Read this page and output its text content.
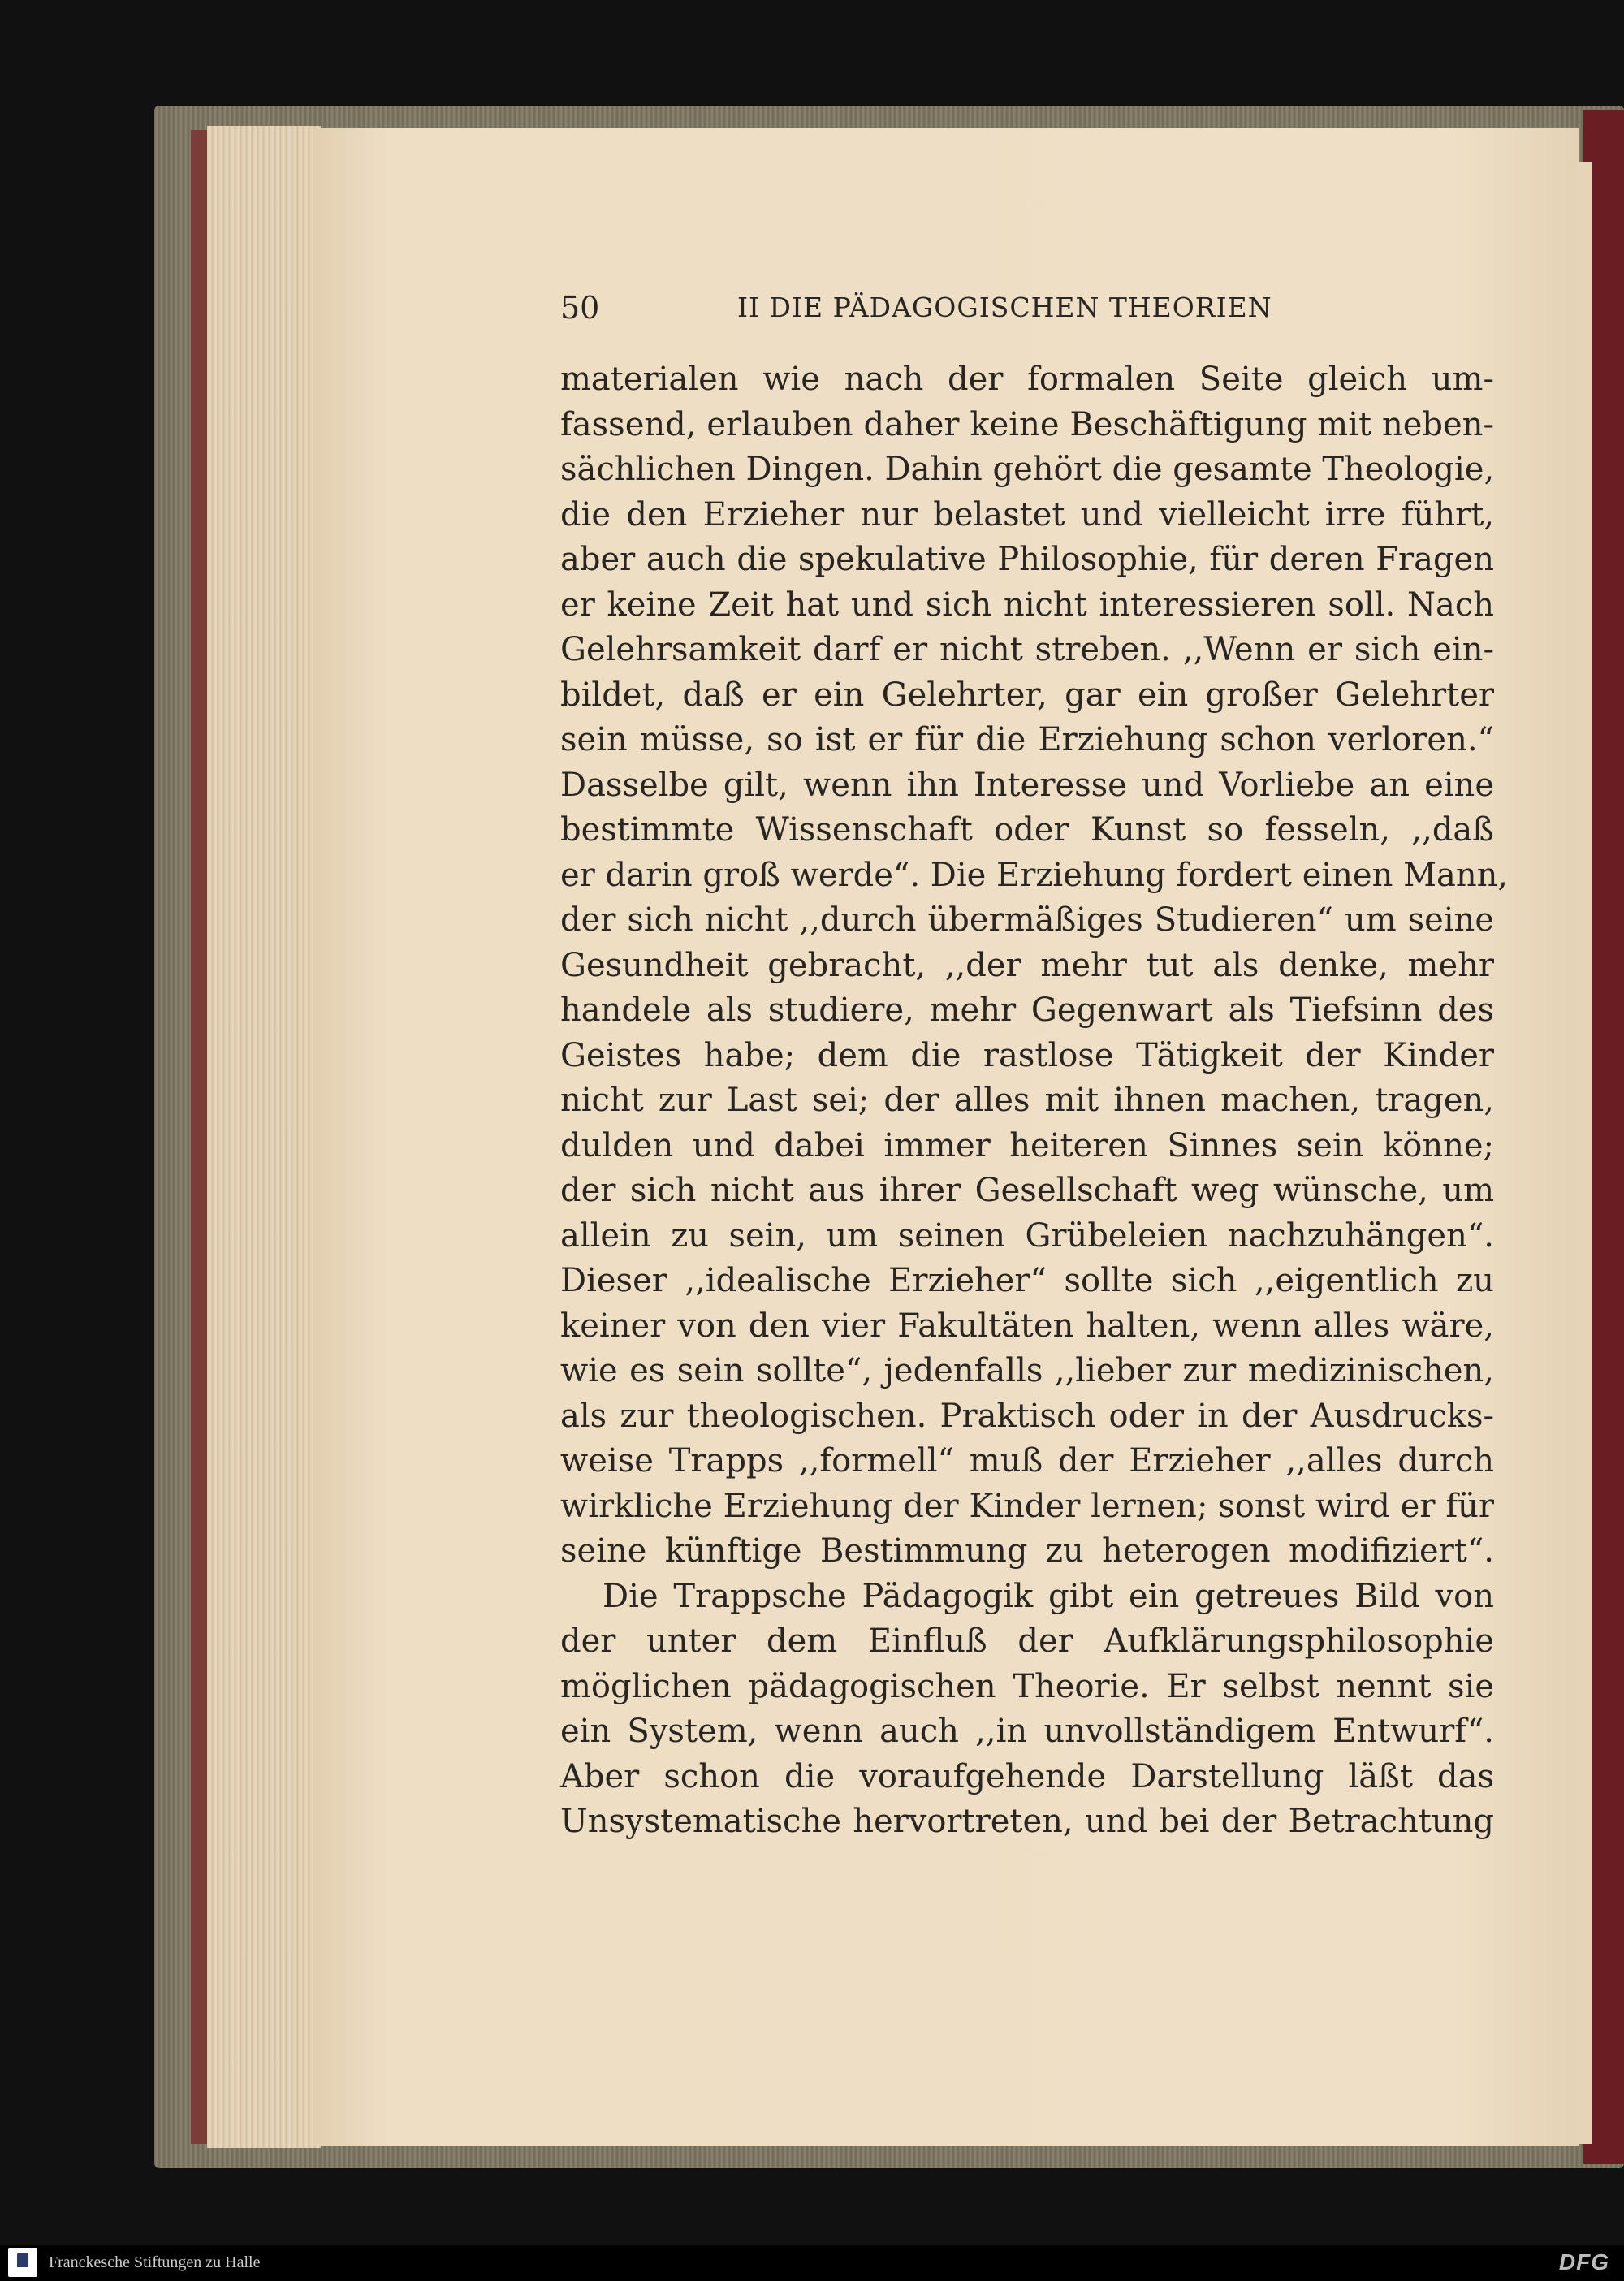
50	II DIE PÄDAGOGISCHEN THEORIEN
materialen wie nach der formalen Seite gleich um-
fassend, erlauben daher keine Beschäftigung mit neben-
sächlichen Dingen. Dahin gehört die gesamte Theologie,
die den Erzieher nur belastet und vielleicht irre führt,
aber auch die spekulative Philosophie, für deren Fragen
er keine Zeit hat und sich nicht interessieren soll. Nach
Gelehrsamkeit darf er nicht streben. ,,Wenn er sich ein-
bildet, daß er ein Gelehrter, gar ein großer Gelehrter
sein müsse, so ist er für die Erziehung schon verloren.“
Dasselbe gilt, wenn ihn Interesse und Vorliebe an eine
bestimmte Wissenschaft oder Kunst so fesseln, ,,daß
er darin groß werde“. Die Erziehung fordert einen Mann,
der sich nicht ,,durch übermäßiges Studieren“ um seine
Gesundheit gebracht, ,,der mehr tut als denke, mehr
handele als studiere, mehr Gegenwart als Tiefsinn des
Geistes habe; dem die rastlose Tätigkeit der Kinder
nicht zur Last sei; der alles mit ihnen machen, tragen,
dulden und dabei immer heiteren Sinnes sein könne;
der sich nicht aus ihrer Gesellschaft weg wünsche, um
allein zu sein, um seinen Grübeleien nachzuhängen“.
Dieser ,,idealische Erzieher“ sollte sich ,,eigentlich zu
keiner von den vier Fakultäten halten, wenn alles wäre,
wie es sein sollte“, jedenfalls ,,lieber zur medizinischen,
als zur theologischen. Praktisch oder in der Ausdrucks-
weise Trapps ,,formell“ muß der Erzieher ,,alles durch
wirkliche Erziehung der Kinder lernen; sonst wird er für
seine künftige Bestimmung zu heterogen modifiziert“.
Die Trappsche Pädagogik gibt ein getreues Bild von
der unter dem Einfluß der Aufklärungsphilosophie
möglichen pädagogischen Theorie. Er selbst nennt sie
ein System, wenn auch ,,in unvollständigem Entwurf“.
Aber schon die voraufgehende Darstellung läßt das
Unsystematische hervortreten, und bei der Betrachtung
Franckesche Stiftungen zu Halle	DFG
